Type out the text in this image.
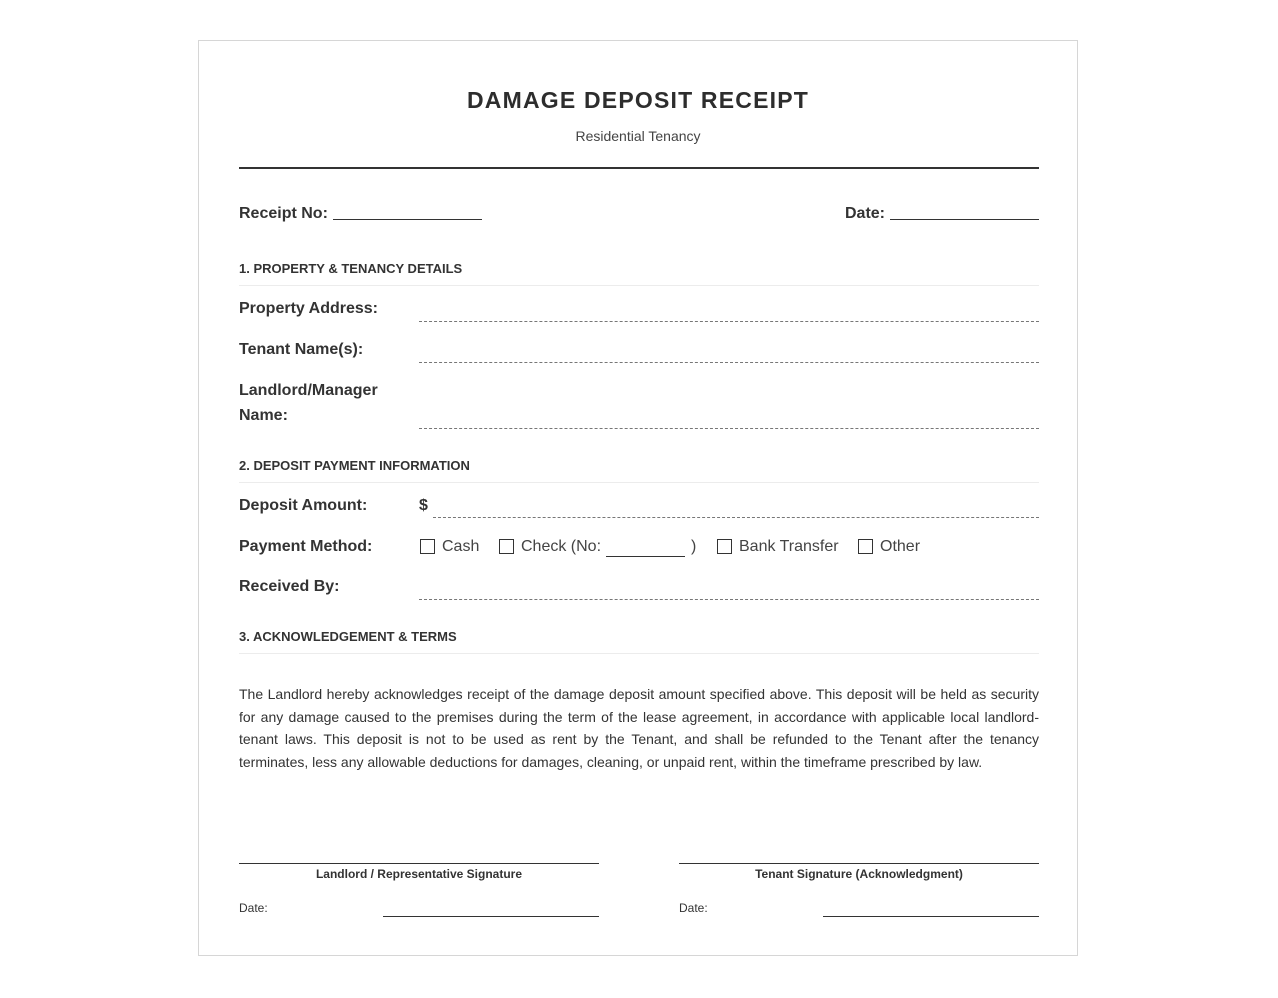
DAMAGE DEPOSIT RECEIPT
Residential Tenancy
Receipt No:	Date:
1. PROPERTY & TENANCY DETAILS
Property Address:
Tenant Name(s):
Landlord/Manager Name:
2. DEPOSIT PAYMENT INFORMATION
Deposit Amount:	$
Payment Method:	Cash	Check (No:	)	Bank Transfer	Other
Received By:
3. ACKNOWLEDGEMENT & TERMS
The Landlord hereby acknowledges receipt of the damage deposit amount specified above. This deposit will be held as security for any damage caused to the premises during the term of the lease agreement, in accordance with applicable local landlord-tenant laws. This deposit is not to be used as rent by the Tenant, and shall be refunded to the Tenant after the tenancy terminates, less any allowable deductions for damages, cleaning, or unpaid rent, within the timeframe prescribed by law.
Landlord / Representative Signature
Date:
Tenant Signature (Acknowledgment)
Date:
